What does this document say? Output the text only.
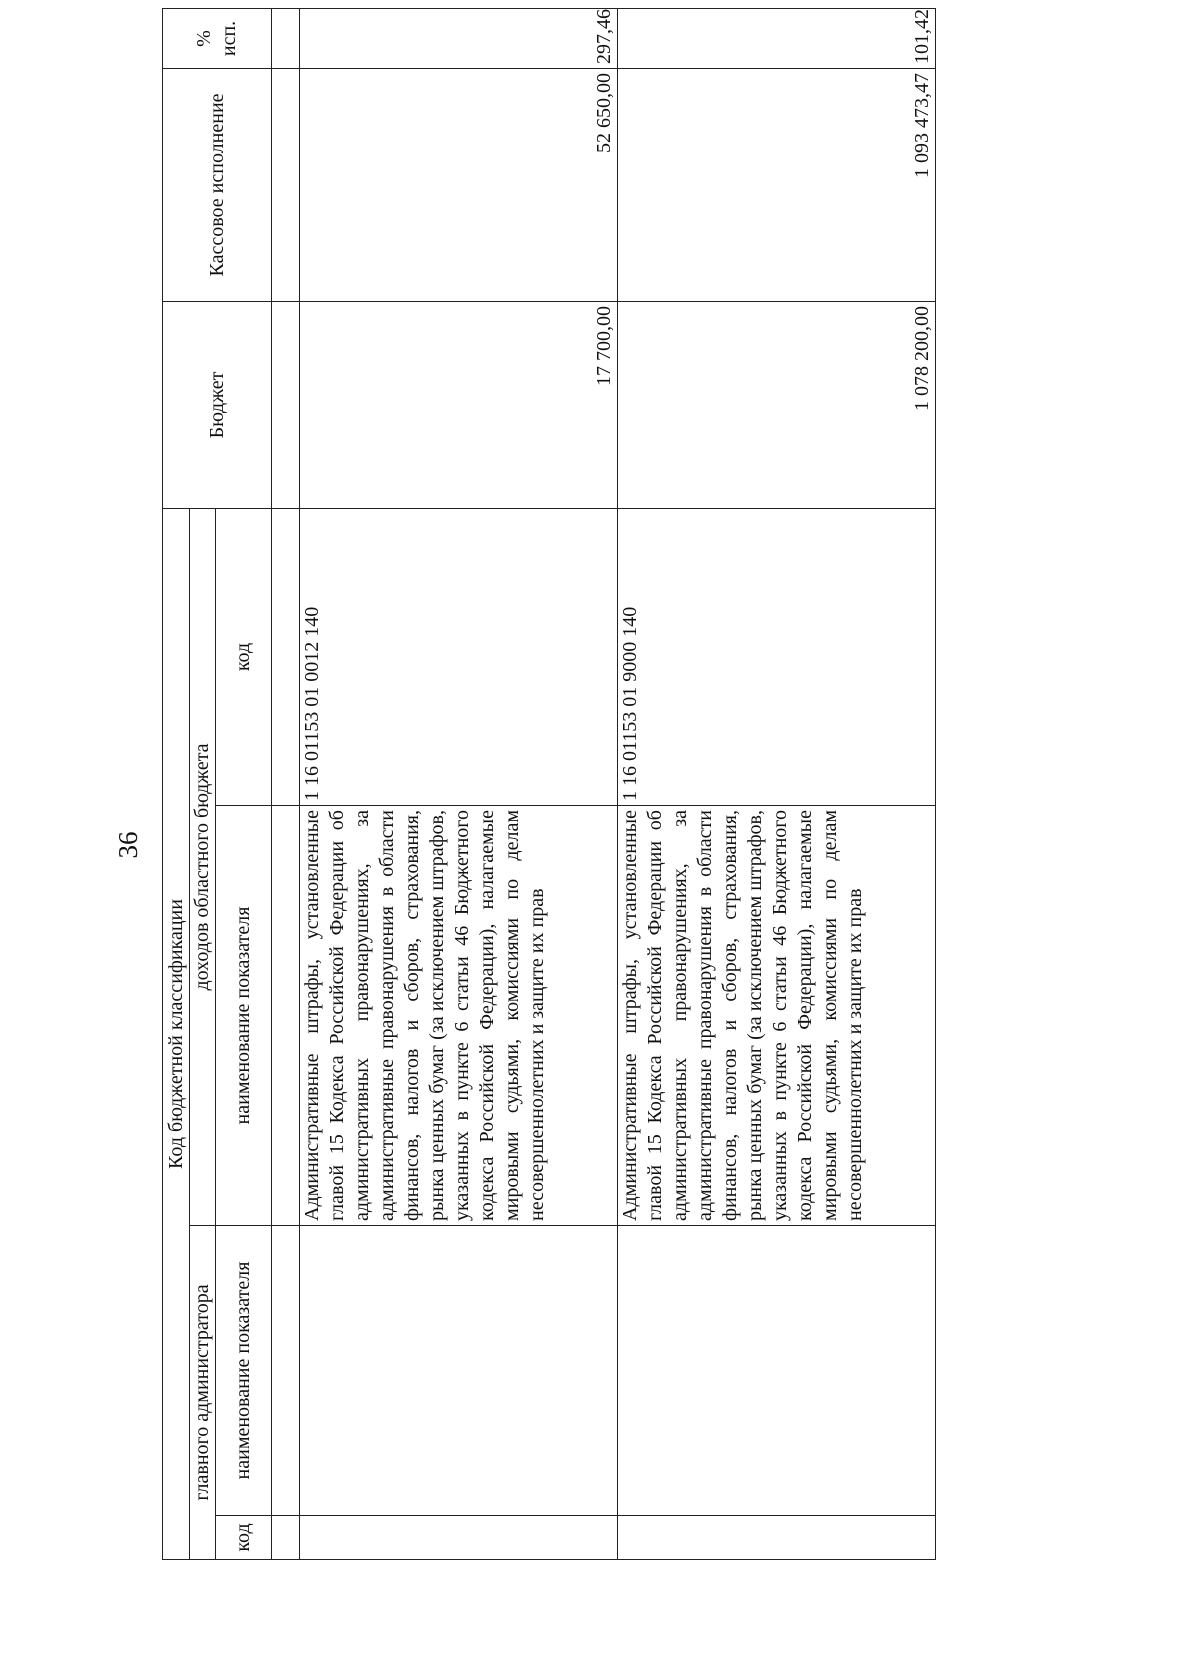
36
Код бюджетной классификации				Бюджет	Кассовое исполнение	% исп.
главного администратора		доходов областного бюджета				
код	наименование показателя	наименование показателя	код			

		Административные штрафы, установленные главой 15 Кодекса Российской Федерации об административных правонарушениях, за административные правонарушения в области финансов, налогов и сборов, страхования, рынка ценных бумаг (за исключением штрафов, указанных в пункте 6 статьи 46 Бюджетного кодекса Российской Федерации), налагаемые мировыми судьями, комиссиями по делам несовершеннолетних и защите их прав	1 16 01153 01 0012 140	17 700,00	52 650,00	297,46
		Административные штрафы, установленные главой 15 Кодекса Российской Федерации об административных правонарушениях, за административные правонарушения в области финансов, налогов и сборов, страхования, рынка ценных бумаг (за исключением штрафов, указанных в пункте 6 статьи 46 Бюджетного кодекса Российской Федерации), налагаемые мировыми судьями, комиссиями по делам несовершеннолетних и защите их прав	1 16 01153 01 9000 140	1 078 200,00	1 093 473,47	101,42
